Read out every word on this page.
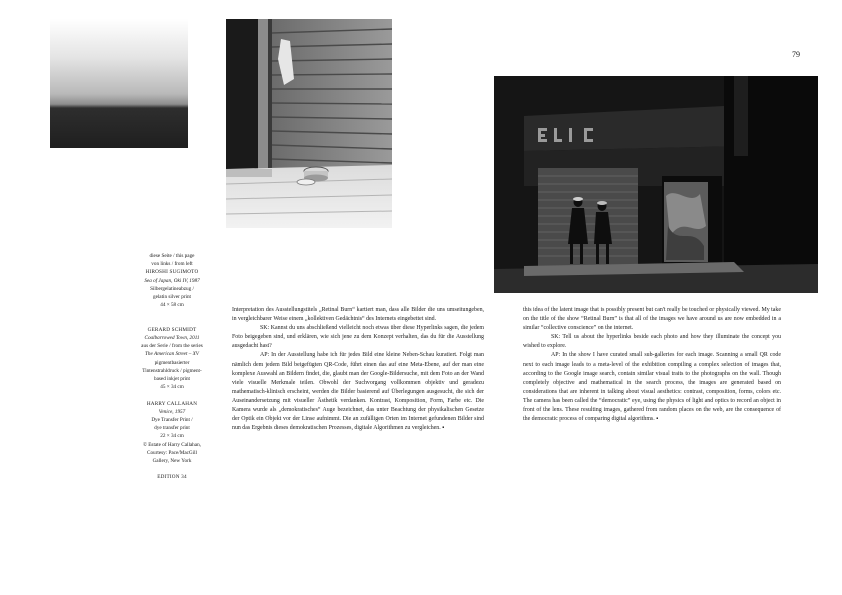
79
diese Seite / this page
von links / from left
HIROSHI SUGIMOTO
Sea of Japan, Oki IV, 1987
Silbergelatineabzug /
gelatin silver print
44 × 58 cm
GERARD SCHMIDT
Coalbarrowed Town, 2011
aus der Serie / from the series
The American Street – XV
pigmentbasierter
Tintenstrahldruck / pigment-
based inkjet print
45 × 34 cm
HARRY CALLAHAN
Venice, 1957
Dye Transfer Print /
dye transfer print
22 × 34 cm
© Estate of Harry Callahan,
Courtesy: Pace/MacGill
Gallery, New York
EDITION 34

Interpretation des Ausstellungstitels „Retinal Burn“ kartiert man, dass alle Bilder die uns umseitungeben, in vergleichbarer Weise einem „kollektiven Gedächtnis“ des Internets eingebettet sind.

SK: Kannst du uns abschließend vielleicht noch etwas über diese Hyperlinks sagen, die jedem Foto beigegeben sind, und erklären, wie sich jene zu dem Konzept verhalten, das du für die Ausstellung ausgedacht hast?

AP: In der Ausstellung habe ich für jedes Bild eine kleine Neben-Schau kuratiert. Folgt man nämlich dem jedem Bild beigefügten QR-Code, führt einen das auf eine Meta-Ebene, auf der man eine komplexe Auswahl an Bildern findet, die, glaubt man der Google-Bildersuche, mit dem Foto an der Wand viele visuelle Merkmale teilen. Obwohl der Suchvorgang vollkommen objektiv und geradezu mathematisch-klinisch erscheint, werden die Bilder basierend auf Überlegungen ausgesucht, die sich der Auseinandersetzung mit visueller Ästhetik verdanken. Kontrast, Komposition, Form, Farbe etc. Die Kamera wurde als „demokratisches“ Auge bezeichnet, das unter Beachtung der physikalischen Gesetze der Optik ein Objekt vor der Linse aufnimmt. Die an zufälligen Orten im Internet gefundenen Bilder sind nun das Ergebnis dieses demokratischen Prozesses, digitale Algorithmen zu vergleichen. ▪

this idea of the latent image that is possibly present but can't really be touched or physically viewed. My take on the title of the show “Retinal Burn” is that all of the images we have around us are now embedded in a similar “collective conscience” on the internet.

SK: Tell us about the hyperlinks beside each photo and how they illuminate the concept you wished to explore.

AP: In the show I have curated small sub-galleries for each image. Scanning a small QR code next to each image leads to a meta-level of the exhibition compiling a complex selection of images that, according to the Google image search, contain similar visual traits to the photographs on the wall. Though completely objective and mathematical in the search process, the images are generated based on considerations that are inherent in talking about visual aesthetics: contrast, composition, forms, colors etc. The camera has been called the “democratic” eye, using the physics of light and optics to record an object in front of the lens. These resulting images, gathered from random places on the web, are the consequence of the democratic process of comparing digital algorithms. ▪
